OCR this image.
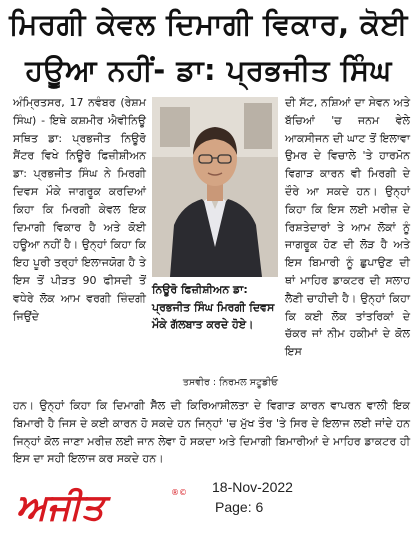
ਮਿਰਗੀ ਕੇਵਲ ਦਿਮਾਗੀ ਵਿਕਾਰ, ਕੋਈ
ਹਊਆ ਨਹੀਂ- ਡਾ: ਪ੍ਰਭਜੀਤ ਸਿੰਘ

ਅੰਮ੍ਰਿਤਸਰ, 17 ਨਵੰਬਰ (ਰੇਸ਼ਮ ਸਿੰਘ) - ਇਥੇ ਕਸ਼ਮੀਰ ਐਵੀਨਿਊ ਸਥਿਤ ਡਾ: ਪ੍ਰਭਜੀਤ ਨਿਊਰੋ ਸੈਂਟਰ ਵਿਖੇ ਨਿਊਰੋ ਫਿਜ਼ੀਸ਼ੀਅਨ ਡਾ: ਪ੍ਰਭਜੀਤ ਸਿੰਘ ਨੇ ਮਿਰਗੀ ਦਿਵਸ ਮੌਕੇ ਜਾਗਰੂਕ ਕਰਦਿਆਂ ਕਿਹਾ ਕਿ ਮਿਰਗੀ ਕੇਵਲ ਇਕ ਦਿਮਾਗੀ ਵਿਕਾਰ ਹੈ ਅਤੇ ਕੋਈ ਹਊਆ ਨਹੀਂ ਹੈ। ਉਨ੍ਹਾਂ ਕਿਹਾ ਕਿ ਇਹ ਪੂਰੀ ਤਰ੍ਹਾਂ ਇਲਾਜਯੋਗ ਹੈ ਤੇ ਇਸ ਤੋਂ ਪੀੜਤ 90 ਫੀਸਦੀ ਤੋਂ ਵਧੇਰੇ ਲੋਕ ਆਮ ਵਰਗੀ ਜ਼ਿੰਦਗੀ ਜਿਉਂਦੇ

ਨਿਊਰੋ ਫਿਜ਼ੀਸ਼ੀਅਨ ਡਾ: ਪ੍ਰਭਜੀਤ ਸਿੰਘ ਮਿਰਗੀ ਦਿਵਸ ਮੌਕੇ ਗੱਲਬਾਤ ਕਰਦੇ ਹੋਏ।
ਤਸਵੀਰ : ਨਿਰਮਲ ਸਟੂਡੀਓ

ਦੀ ਸੱਟ, ਨਸ਼ਿਆਂ ਦਾ ਸੇਵਨ ਅਤੇ ਬੱਚਿਆਂ 'ਚ ਜਨਮ ਵੇਲੇ ਆਕਸੀਜਨ ਦੀ ਘਾਟ ਤੋਂ ਇਲਾਵਾ ਉਮਰ ਦੇ ਵਿਚਾਲੇ 'ਤੇ ਹਾਰਮੋਨ ਵਿਗਾੜ ਕਾਰਨ ਵੀ ਮਿਰਗੀ ਦੇ ਦੌਰੇ ਆ ਸਕਦੇ ਹਨ। ਉਨ੍ਹਾਂ ਕਿਹਾ ਕਿ ਇਸ ਲਈ ਮਰੀਜ਼ ਦੇ ਰਿਸ਼ਤੇਦਾਰਾਂ ਤੇ ਆਮ ਲੋਕਾਂ ਨੂੰ ਜਾਗਰੂਕ ਹੋਣ ਦੀ ਲੋੜ ਹੈ ਅਤੇ ਇਸ ਬਿਮਾਰੀ ਨੂੰ ਛੁਪਾਉਣ ਦੀ ਥਾਂ ਮਾਹਿਰ ਡਾਕਟਰ ਦੀ ਸਲਾਹ ਲੈਣੀ ਚਾਹੀਦੀ ਹੈ। ਉਨ੍ਹਾਂ ਕਿਹਾ ਕਿ ਕਈ ਲੋਕ ਤਾਂਤਰਿਕਾਂ ਦੇ ਚੱਕਰ ਜਾਂ ਨੀਮ ਹਕੀਮਾਂ ਦੇ ਕੋਲ ਇਸ

ਹਨ। ਉਨ੍ਹਾਂ ਕਿਹਾ ਕਿ ਦਿਮਾਗੀ ਸੈੱਲ ਦੀ ਕਿਰਿਆਸ਼ੀਲਤਾ ਦੇ ਵਿਗਾੜ ਕਾਰਨ ਵਾਪਰਨ ਵਾਲੀ ਇਕ ਬਿਮਾਰੀ ਹੈ ਜਿਸ ਦੇ ਕਈ ਕਾਰਨ ਹੋ ਸਕਦੇ ਹਨ ਜਿਨ੍ਹਾਂ 'ਚ ਮੁੱਖ ਤੌਰ 'ਤੇ ਸਿਰ ਦੇ ਇਲਾਜ ਲਈ ਜਾਂਦੇ ਹਨ ਜਿਨ੍ਹਾਂ ਕੋਲ ਜਾਣਾ ਮਰੀਜ਼ ਲਈ ਜਾਨ ਲੇਵਾ ਹੋ ਸਕਦਾ ਅਤੇ ਦਿਮਾਗੀ ਬਿਮਾਰੀਆਂ ਦੇ ਮਾਹਿਰ ਡਾਕਟਰ ਹੀ ਇਸ ਦਾ ਸਹੀ ਇਲਾਜ ਕਰ ਸਕਦੇ ਹਨ।

ਅਜੀਤ	®© 18-Nov-2022
Page: 6
